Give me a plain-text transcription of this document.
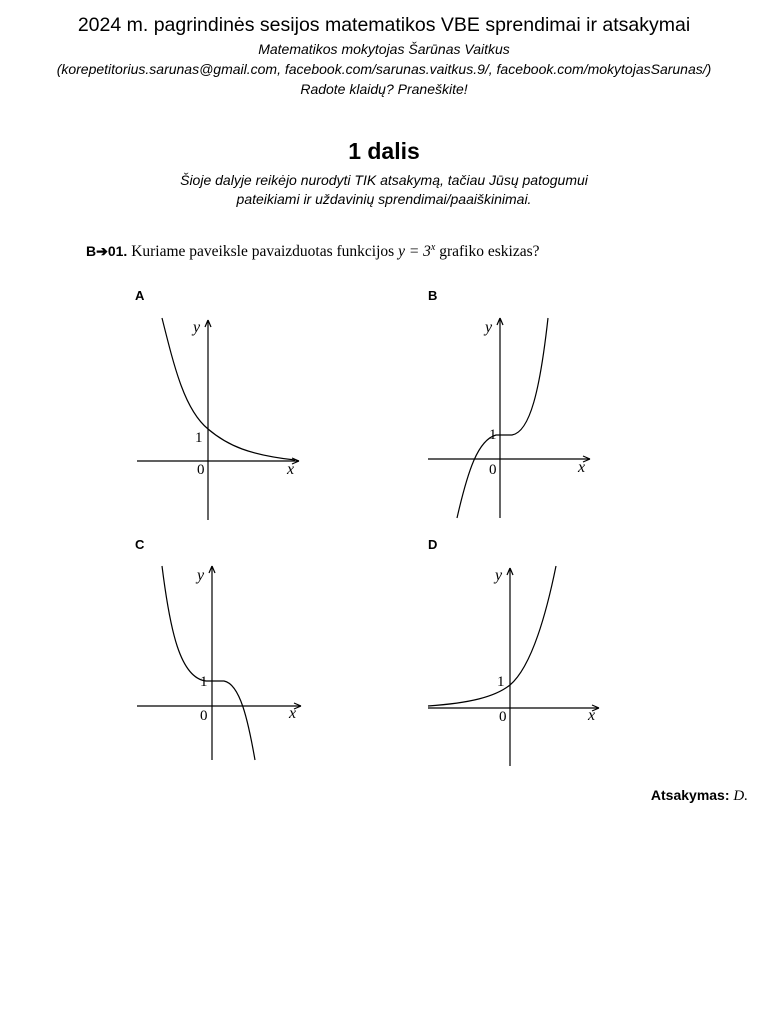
2024 m. pagrindinės sesijos matematikos VBE sprendimai ir atsakymai
Matematikos mokytojas Šarūnas Vaitkus
(korepetitorius.sarunas@gmail.com, facebook.com/sarunas.vaitkus.9/, facebook.com/mokytojasSarunas/)
Radote klaidų? Praneškite!
1 dalis
Šioje dalyje reikėjo nurodyti TIK atsakymą, tačiau Jūsų patogumui pateikiami ir uždavinių sprendimai/paaiškinimai.
B➔01. Kuriame paveiksle pavaizduotas funkcijos $y = 3^x$ grafiko eskizas?
A
y
x
0
1
B
y
x
0
1
C
y
x
0
1
D
y
x
0
1
Atsakymas: D.
